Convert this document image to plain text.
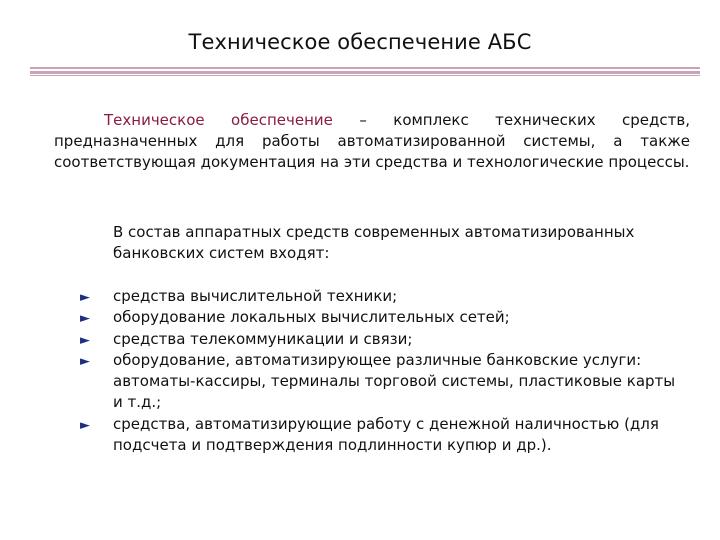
Техническое обеспечение АБС

Техническое обеспечение – комплекс технических средств, предназначенных для работы автоматизированной системы, а также соответствующая документация на эти средства и технологические процессы.

В состав аппаратных средств современных автоматизированных банковских систем входят:

► средства вычислительной техники;
► оборудование локальных вычислительных сетей;
► средства телекоммуникации и связи;
► оборудование, автоматизирующее различные банковские услуги: автоматы-кассиры, терминалы торговой системы, пластиковые карты и т.д.;
► средства, автоматизирующие работу с денежной наличностью (для подсчета и подтверждения подлинности купюр и др.).
